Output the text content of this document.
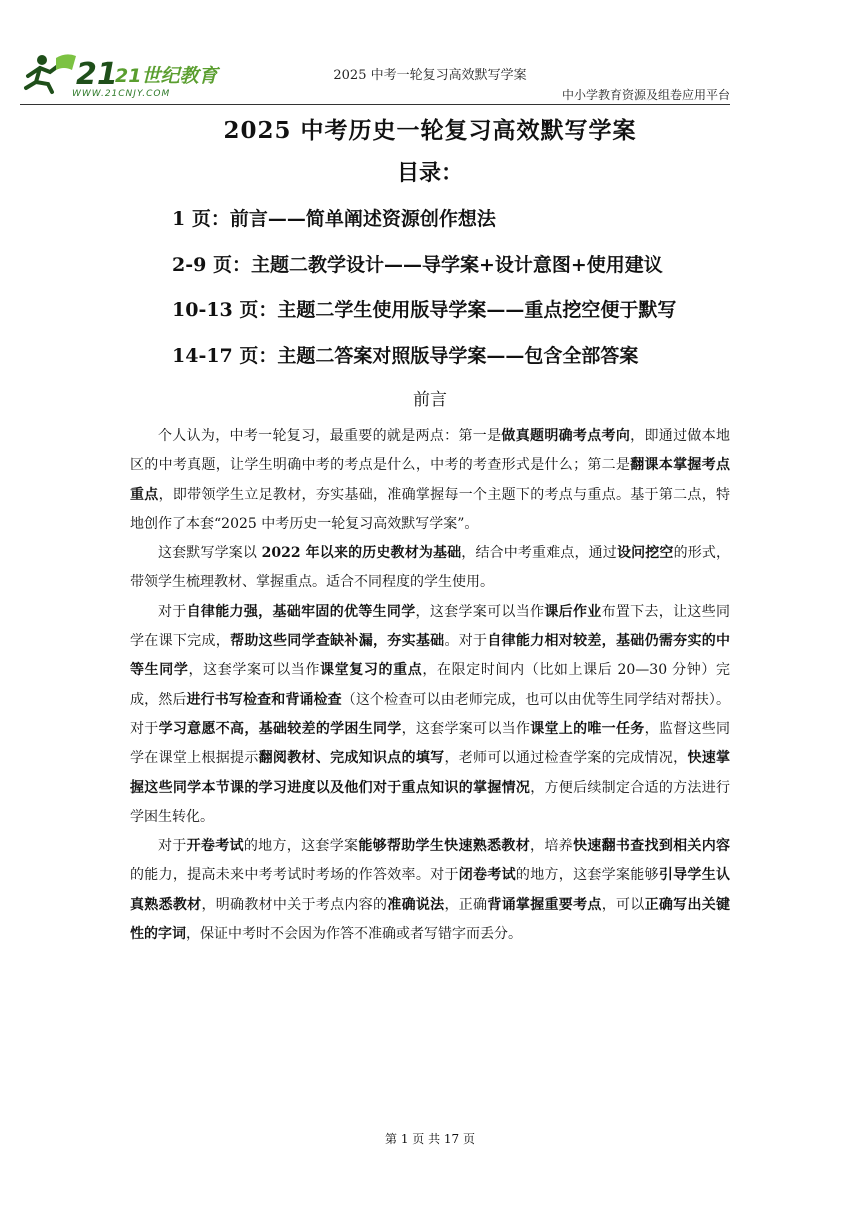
21
21世纪教育
WWW.21CNJY.COM
2025 中考一轮复习高效默写学案
中小学教育资源及组卷应用平台
2025 中考历史一轮复习高效默写学案
目录：
1 页：前言——简单阐述资源创作想法
2-9 页：主题二教学设计——导学案+设计意图+使用建议
10-13 页：主题二学生使用版导学案——重点挖空便于默写
14-17 页：主题二答案对照版导学案——包含全部答案
前言

个人认为，中考一轮复习，最重要的就是两点：第一是做真题明确考点考向，即通过做本地区的中考真题，让学生明确中考的考点是什么，中考的考查形式是什么；第二是翻课本掌握考点重点，即带领学生立足教材，夯实基础，准确掌握每一个主题下的考点与重点。基于第二点，特地创作了本套“2025 中考历史一轮复习高效默写学案”。

这套默写学案以 2022 年以来的历史教材为基础，结合中考重难点，通过设问挖空的形式，带领学生梳理教材、掌握重点。适合不同程度的学生使用。

对于自律能力强，基础牢固的优等生同学，这套学案可以当作课后作业布置下去，让这些同学在课下完成，帮助这些同学查缺补漏，夯实基础。对于自律能力相对较差，基础仍需夯实的中等生同学，这套学案可以当作课堂复习的重点，在限定时间内（比如上课后 20—30 分钟）完成，然后进行书写检查和背诵检查（这个检查可以由老师完成，也可以由优等生同学结对帮扶）。对于学习意愿不高，基础较差的学困生同学，这套学案可以当作课堂上的唯一任务，监督这些同学在课堂上根据提示翻阅教材、完成知识点的填写，老师可以通过检查学案的完成情况，快速掌握这些同学本节课的学习进度以及他们对于重点知识的掌握情况，方便后续制定合适的方法进行学困生转化。

对于开卷考试的地方，这套学案能够帮助学生快速熟悉教材，培养快速翻书查找到相关内容的能力，提高未来中考考试时考场的作答效率。对于闭卷考试的地方，这套学案能够引导学生认真熟悉教材，明确教材中关于考点内容的准确说法，正确背诵掌握重要考点，可以正确写出关键性的字词，保证中考时不会因为作答不准确或者写错字而丢分。

第 1 页 共 17 页
